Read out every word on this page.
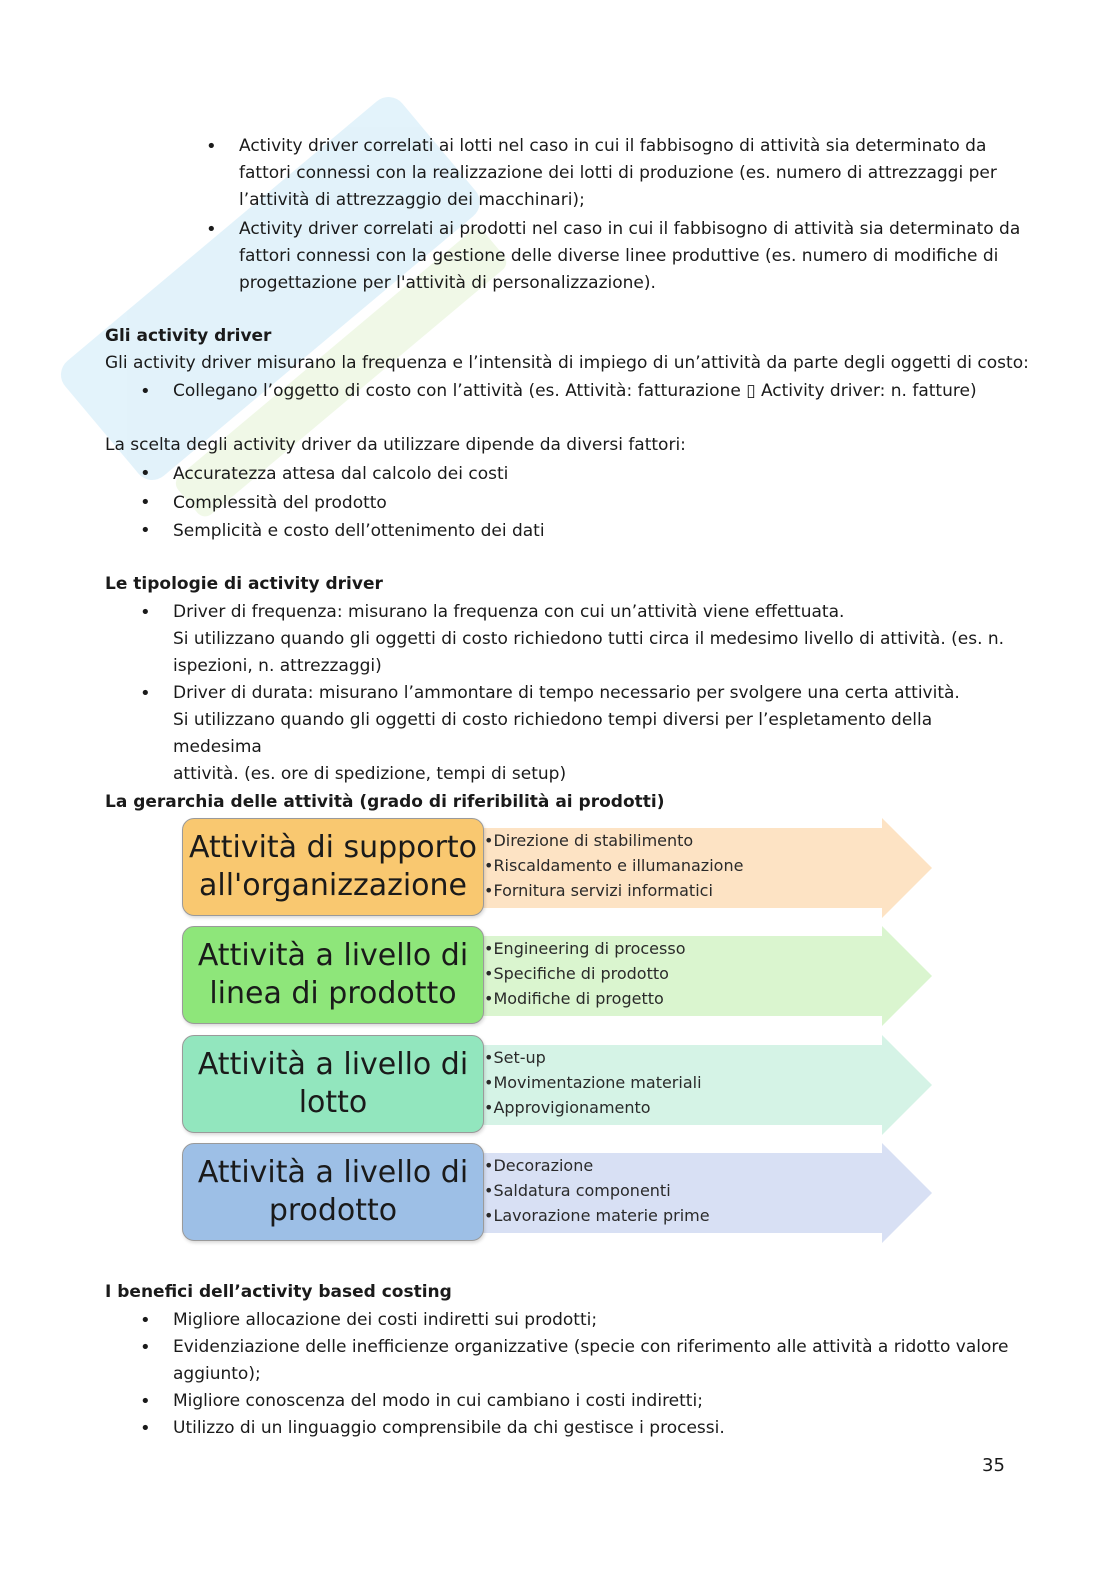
• Activity driver correlati ai lotti nel caso in cui il fabbisogno di attività sia determinato da
fattori connessi con la realizzazione dei lotti di produzione (es. numero di attrezzaggi per
l’attività di attrezzaggio dei macchinari);
• Activity driver correlati ai prodotti nel caso in cui il fabbisogno di attività sia determinato da
fattori connessi con la gestione delle diverse linee produttive (es. numero di modifiche di
progettazione per l'attività di personalizzazione).
Gli activity driver
Gli activity driver misurano la frequenza e l’intensità di impiego di un’attività da parte degli oggetti di costo:
• Collegano l’oggetto di costo con l’attività (es. Attività: fatturazione ▯ Activity driver: n. fatture)
La scelta degli activity driver da utilizzare dipende da diversi fattori:
• Accuratezza attesa dal calcolo dei costi
• Complessità del prodotto
• Semplicità e costo dell’ottenimento dei dati
Le tipologie di activity driver
• Driver di frequenza: misurano la frequenza con cui un’attività viene effettuata.
Si utilizzano quando gli oggetti di costo richiedono tutti circa il medesimo livello di attività. (es. n.
ispezioni, n. attrezzaggi)
• Driver di durata: misurano l’ammontare di tempo necessario per svolgere una certa attività.
Si utilizzano quando gli oggetti di costo richiedono tempi diversi per l’espletamento della medesima
attività. (es. ore di spedizione, tempi di setup)
La gerarchia delle attività (grado di riferibilità ai prodotti)
Attività di supporto
all'organizzazione
• Direzione di stabilimento
• Riscaldamento e illumanazione
• Fornitura servizi informatici
Attività a livello di
linea di prodotto
• Engineering di processo
• Specifiche di prodotto
• Modifiche di progetto
Attività a livello di
lotto
• Set-up
• Movimentazione materiali
• Approvigionamento
Attività a livello di
prodotto
• Decorazione
• Saldatura componenti
• Lavorazione materie prime
I benefici dell’activity based costing
• Migliore allocazione dei costi indiretti sui prodotti;
• Evidenziazione delle inefficienze organizzative (specie con riferimento alle attività a ridotto valore
aggiunto);
• Migliore conoscenza del modo in cui cambiano i costi indiretti;
• Utilizzo di un linguaggio comprensibile da chi gestisce i processi.
35
